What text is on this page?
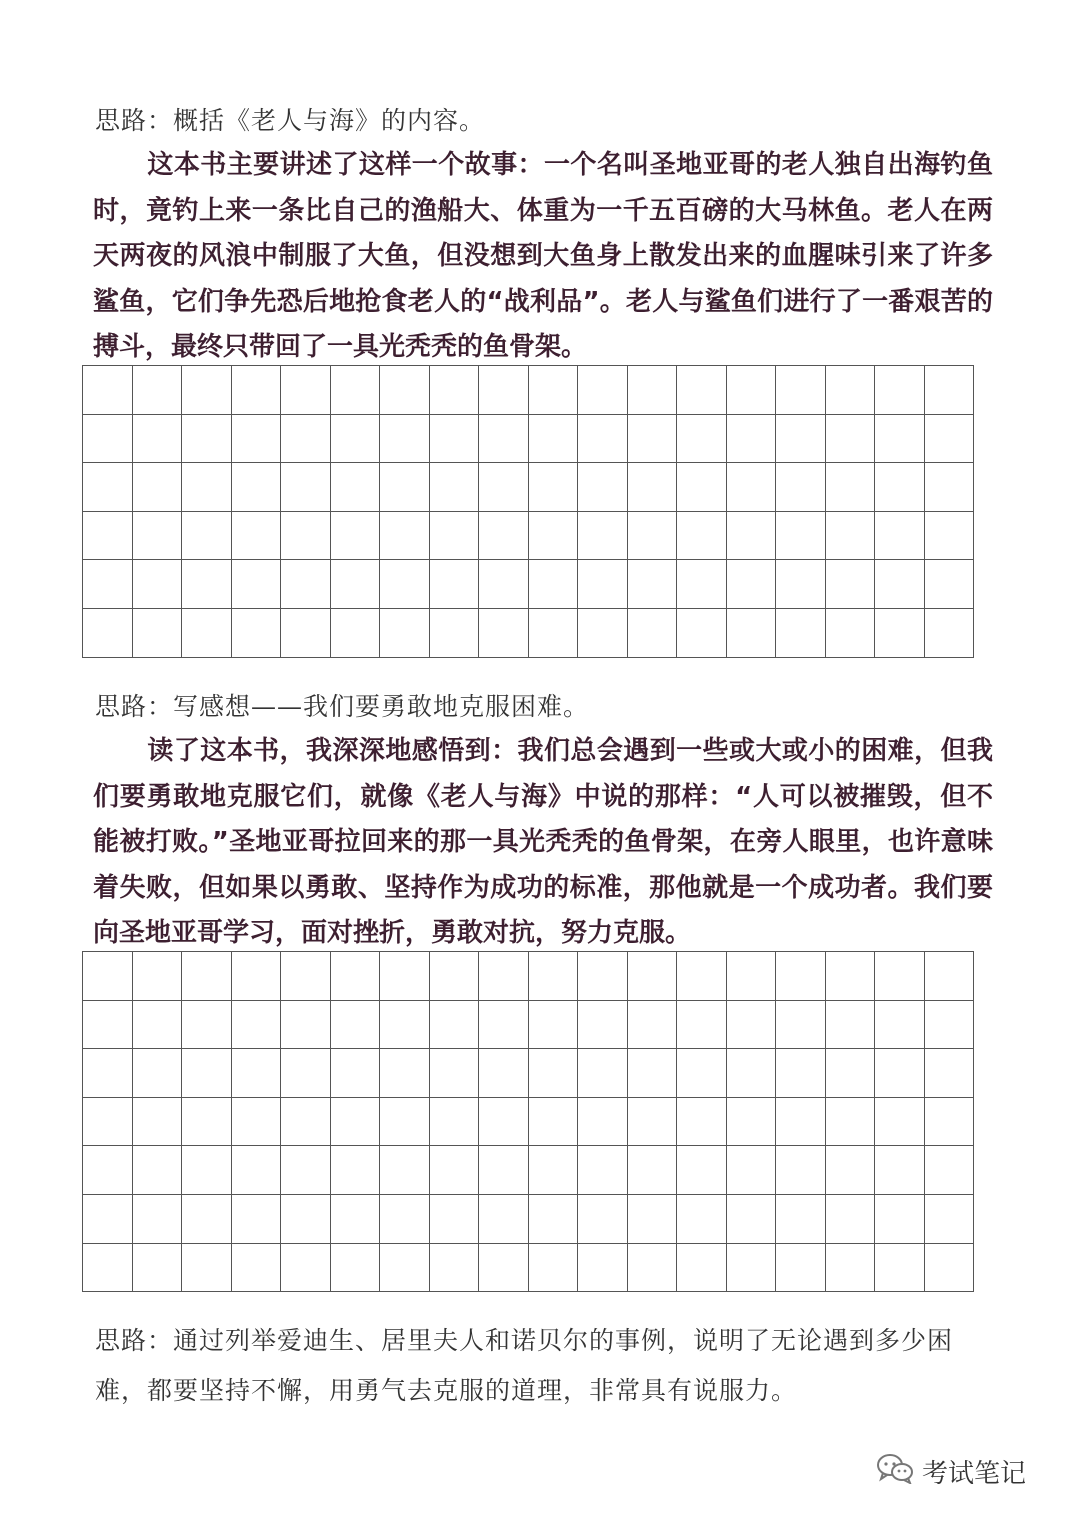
思路：概括《老人与海》的内容。

这本书主要讲述了这样一个故事：一个名叫圣地亚哥的老人独自出海钓鱼时，竟钓上来一条比自己的渔船大、体重为一千五百磅的大马林鱼。老人在两天两夜的风浪中制服了大鱼，但没想到大鱼身上散发出来的血腥味引来了许多鲨鱼，它们争先恐后地抢食老人的“战利品”。老人与鲨鱼们进行了一番艰苦的搏斗，最终只带回了一具光秃秃的鱼骨架。

思路：写感想——我们要勇敢地克服困难。

读了这本书，我深深地感悟到：我们总会遇到一些或大或小的困难，但我们要勇敢地克服它们，就像《老人与海》中说的那样：“人可以被摧毁，但不能被打败。”圣地亚哥拉回来的那一具光秃秃的鱼骨架，在旁人眼里，也许意味着失败，但如果以勇敢、坚持作为成功的标准，那他就是一个成功者。我们要向圣地亚哥学习，面对挫折，勇敢对抗，努力克服。

思路：通过列举爱迪生、居里夫人和诺贝尔的事例，说明了无论遇到多少困难，都要坚持不懈，用勇气去克服的道理，非常具有说服力。

考试笔记
